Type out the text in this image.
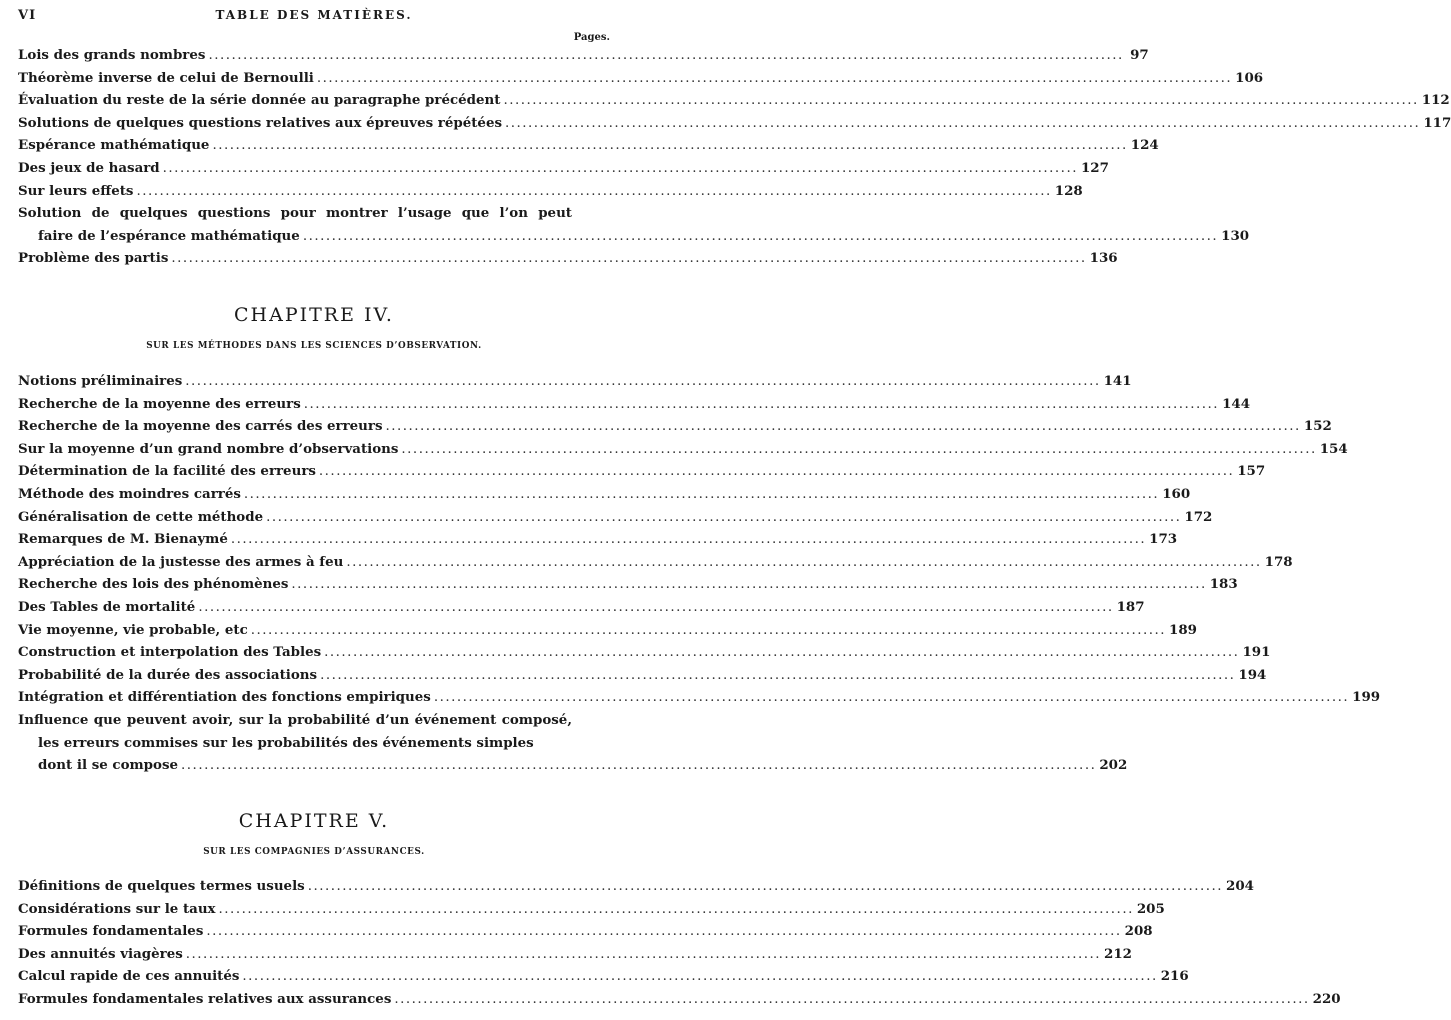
VI	TABLE DES MATIÈRES.
Pages.
Lois des grands nombres .....	97
Théorème inverse de celui de Bernoulli .....	106
Évaluation du reste de la série donnée au paragraphe précédent .....	112
Solutions de quelques questions relatives aux épreuves répétées .....	117
Espérance mathématique .....	124
Des jeux de hasard .....	127
Sur leurs effets .....	128
Solution de quelques questions pour montrer l’usage que l’on peut
faire de l’espérance mathématique .....	130
Problème des partis .....	136
CHAPITRE IV.
SUR LES MÉTHODES DANS LES SCIENCES D’OBSERVATION.
Notions préliminaires .....	141
Recherche de la moyenne des erreurs .....	144
Recherche de la moyenne des carrés des erreurs .....	152
Sur la moyenne d’un grand nombre d’observations .....	154
Détermination de la facilité des erreurs .....	157
Méthode des moindres carrés .....	160
Généralisation de cette méthode .....	172
Remarques de M. Bienaymé .....	173
Appréciation de la justesse des armes à feu .....	178
Recherche des lois des phénomènes .....	183
Des Tables de mortalité .....	187
Vie moyenne, vie probable, etc .....	189
Construction et interpolation des Tables .....	191
Probabilité de la durée des associations .....	194
Intégration et différentiation des fonctions empiriques .....	199
Influence que peuvent avoir, sur la probabilité d’un événement composé,
les erreurs commises sur les probabilités des événements simples
dont il se compose .....	202
CHAPITRE V.
SUR LES COMPAGNIES D’ASSURANCES.
Définitions de quelques termes usuels .....	204
Considérations sur le taux .....	205
Formules fondamentales .....	208
Des annuités viagères .....	212
Calcul rapide de ces annuités .....	216
Formules fondamentales relatives aux assurances .....	220
